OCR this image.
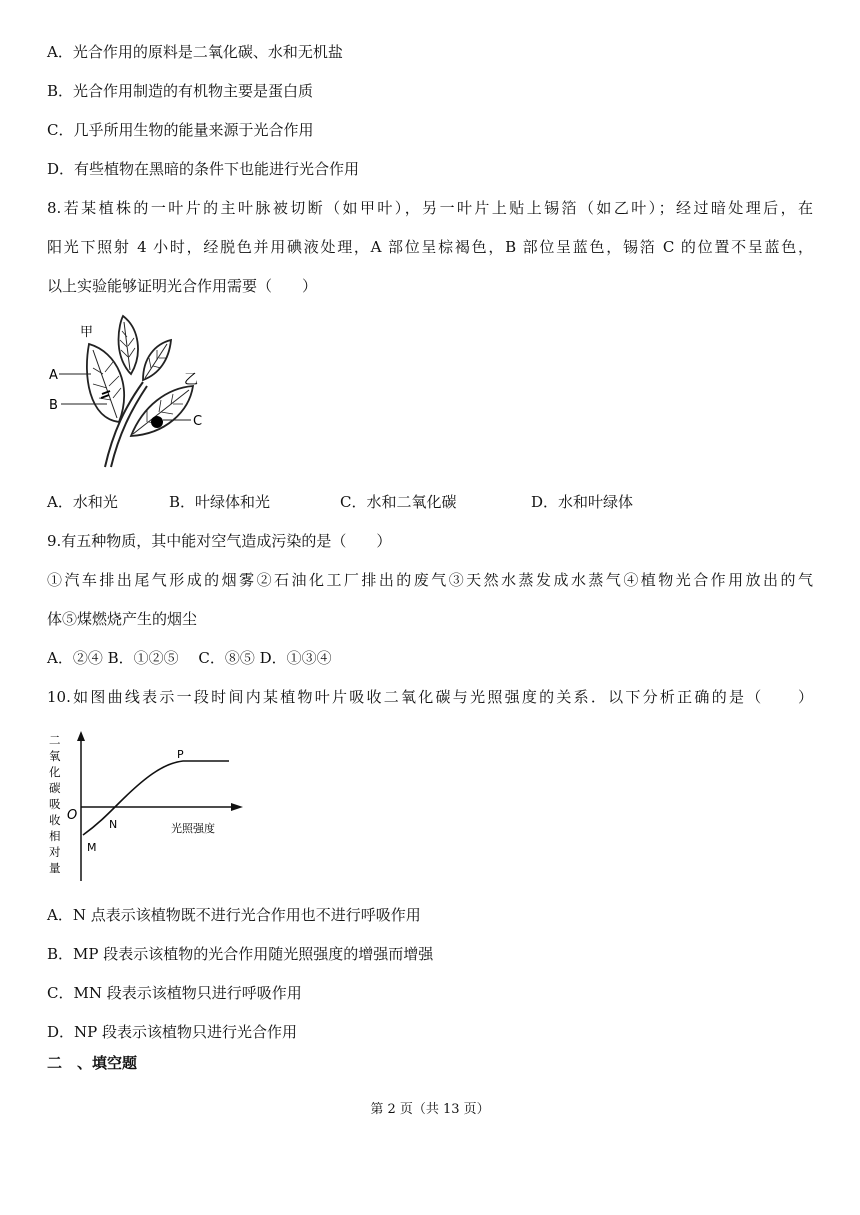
A．光合作用的原料是二氧化碳、水和无机盐
B．光合作用制造的有机物主要是蛋白质
C．几乎所用生物的能量来源于光合作用
D．有些植物在黑暗的条件下也能进行光合作用
8.若某植株的一叶片的主叶脉被切断（如甲叶），另一叶片上贴上锡箔（如乙叶）；经过暗处理后，在
阳光下照射 4 小时，经脱色并用碘液处理，A 部位呈棕褐色，B 部位呈蓝色，锡箔 C 的位置不呈蓝色，
以上实验能够证明光合作用需要（　　）
甲
乙
A
B
C
A．水和光	B．叶绿体和光	C．水和二氧化碳	D．水和叶绿体
9.有五种物质，其中能对空气造成污染的是（　　）
①汽车排出尾气形成的烟雾②石油化工厂排出的废气③天然水蒸发成水蒸气④植物光合作用放出的气
体⑤煤燃烧产生的烟尘
A．②④ B．①②⑤　 C．⑧⑤ D．①③④
10.如图曲线表示一段时间内某植物叶片吸收二氧化碳与光照强度的关系．以下分析正确的是（　　）
二
氧
化
碳
吸
收
相
对
量
O
N
M
P
光照强度
A．N 点表示该植物既不进行光合作用也不进行呼吸作用
B．MP 段表示该植物的光合作用随光照强度的增强而增强
C．MN 段表示该植物只进行呼吸作用
D．NP 段表示该植物只进行光合作用
二　、填空题
第 2 页（共 13 页）
